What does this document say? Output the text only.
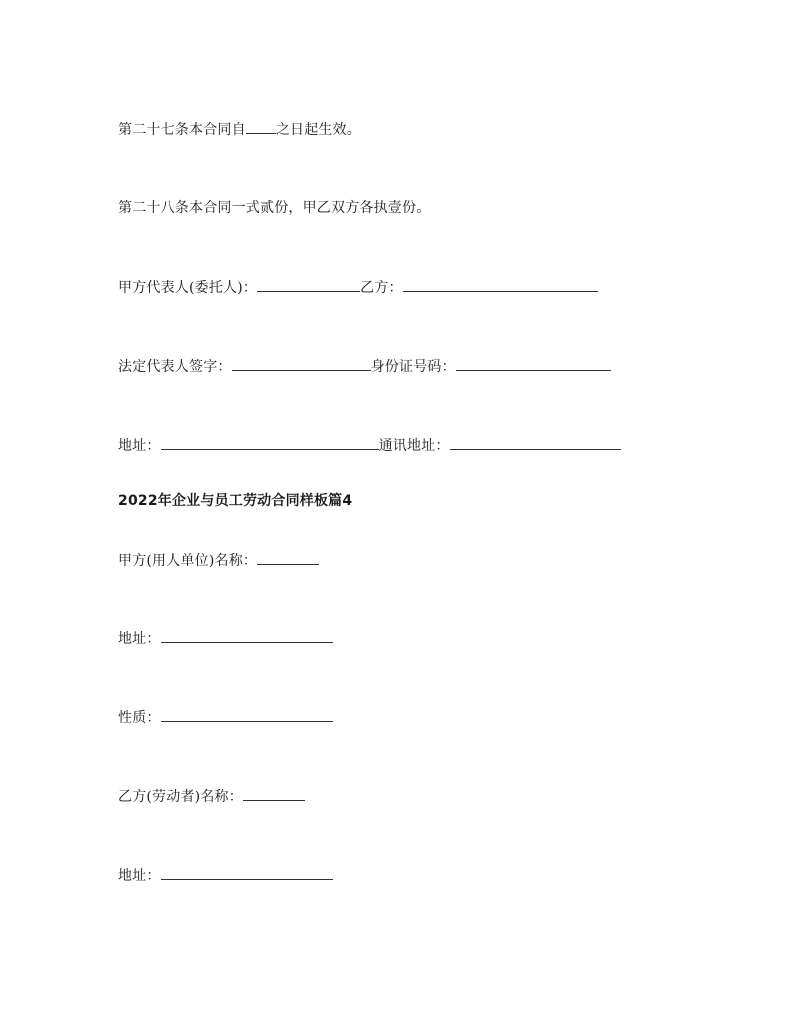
第二十七条本合同自 之日起生效。
第二十八条本合同一式贰份，甲乙双方各执壹份。
甲方代表人(委托人)：	乙方：
法定代表人签字：	身份证号码：
地址：	通讯地址：
2022年企业与员工劳动合同样板篇4
甲方(用人单位)名称：
地址：
性质：
乙方(劳动者)名称：
地址：
